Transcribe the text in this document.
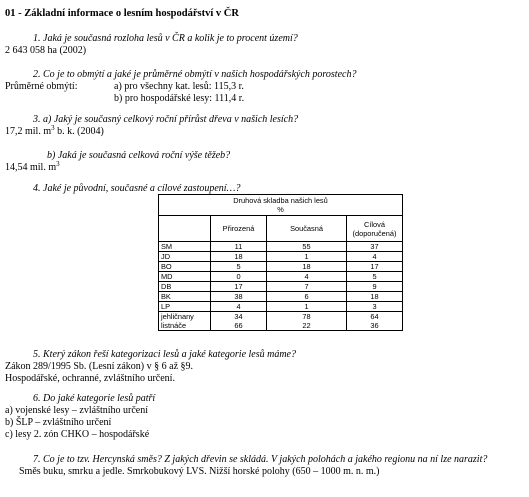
01 - Základní informace o lesním hospodářství v ČR
1. Jaká je současná rozloha lesů v ČR a kolik je to procent území?
2 643 058 ha (2002)
2. Co je to obmýtí a jaké je průměrné obmýtí v našich hospodářských porostech?
Průměrné obmýtí:	a) pro všechny kat. lesů: 115,3 r.
b) pro hospodářské lesy: 111,4 r.
3. a) Jaký je současný celkový roční přírůst dřeva v našich lesích?
17,2 mil. $m^3$ b. k. (2004)
b) Jaká je současná celková roční výše těžeb?
14,54 mil. $m^3$
4. Jaké je původní, současné a cílové zastoupení…?
Druhová skladba našich lesů
%			

	Přirozená	Současná	Cílová (doporučená)
SM	11	55	37
JD	18	1	4
BO	5	18	17
MD	0	4	5
DB	17	7	9
BK	38	6	18
LP	4	1	3
jehličnany	34	78	64
listnáče	66	22	36
5. Který zákon řeší kategorizaci lesů a jaké kategorie lesů máme?
Zákon 289/1995 Sb. (Lesní zákon) v § 6 až §9.
Hospodářské, ochranné, zvláštního určení.
6. Do jaké kategorie lesů patří
a) vojenské lesy – zvláštního určení
b) ŠLP – zvláštního určení
c) lesy 2. zón CHKO – hospodářské
7. Co je to tzv. Hercynská směs? Z jakých dřevin se skládá. V jakých polohách a jakého regionu na ní lze narazit?
Směs buku, smrku a jedle. Smrkobukový LVS. Nižší horské polohy (650 – 1000 m. n. m.)
